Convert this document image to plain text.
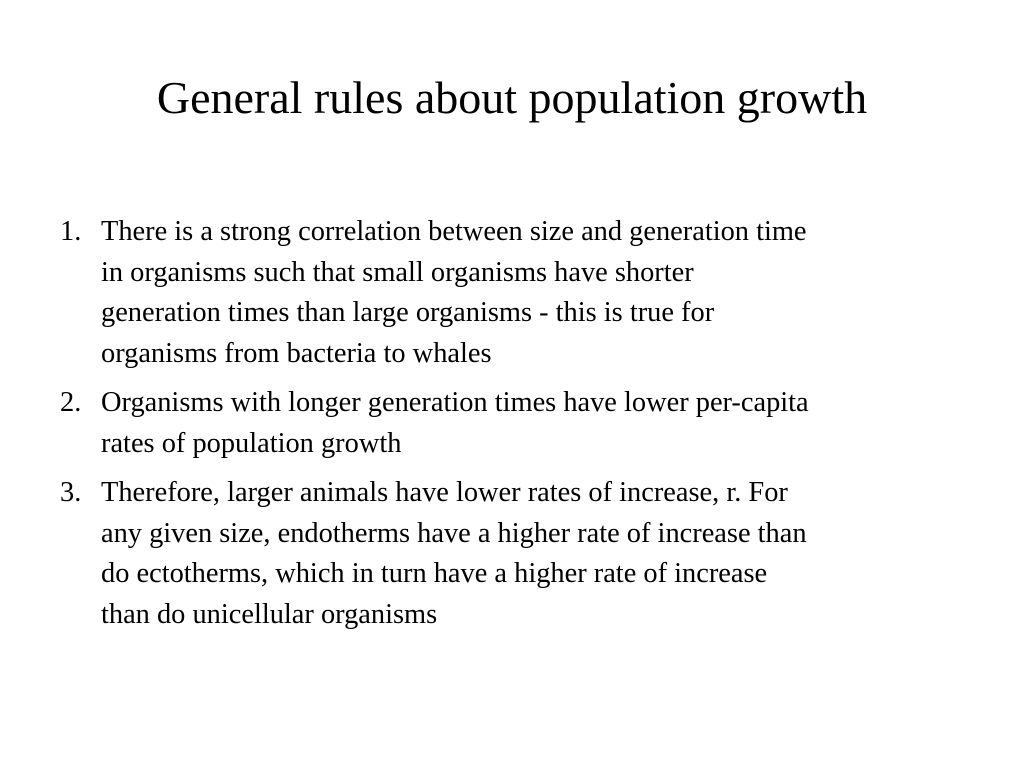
General rules about population growth
1. There is a strong correlation between size and generation time
in organisms such that small organisms have shorter
generation times than large organisms - this is true for
organisms from bacteria to whales
2. Organisms with longer generation times have lower per-capita
rates of population growth
3. Therefore, larger animals have lower rates of increase, r. For
any given size, endotherms have a higher rate of increase than
do ectotherms, which in turn have a higher rate of increase
than do unicellular organisms
